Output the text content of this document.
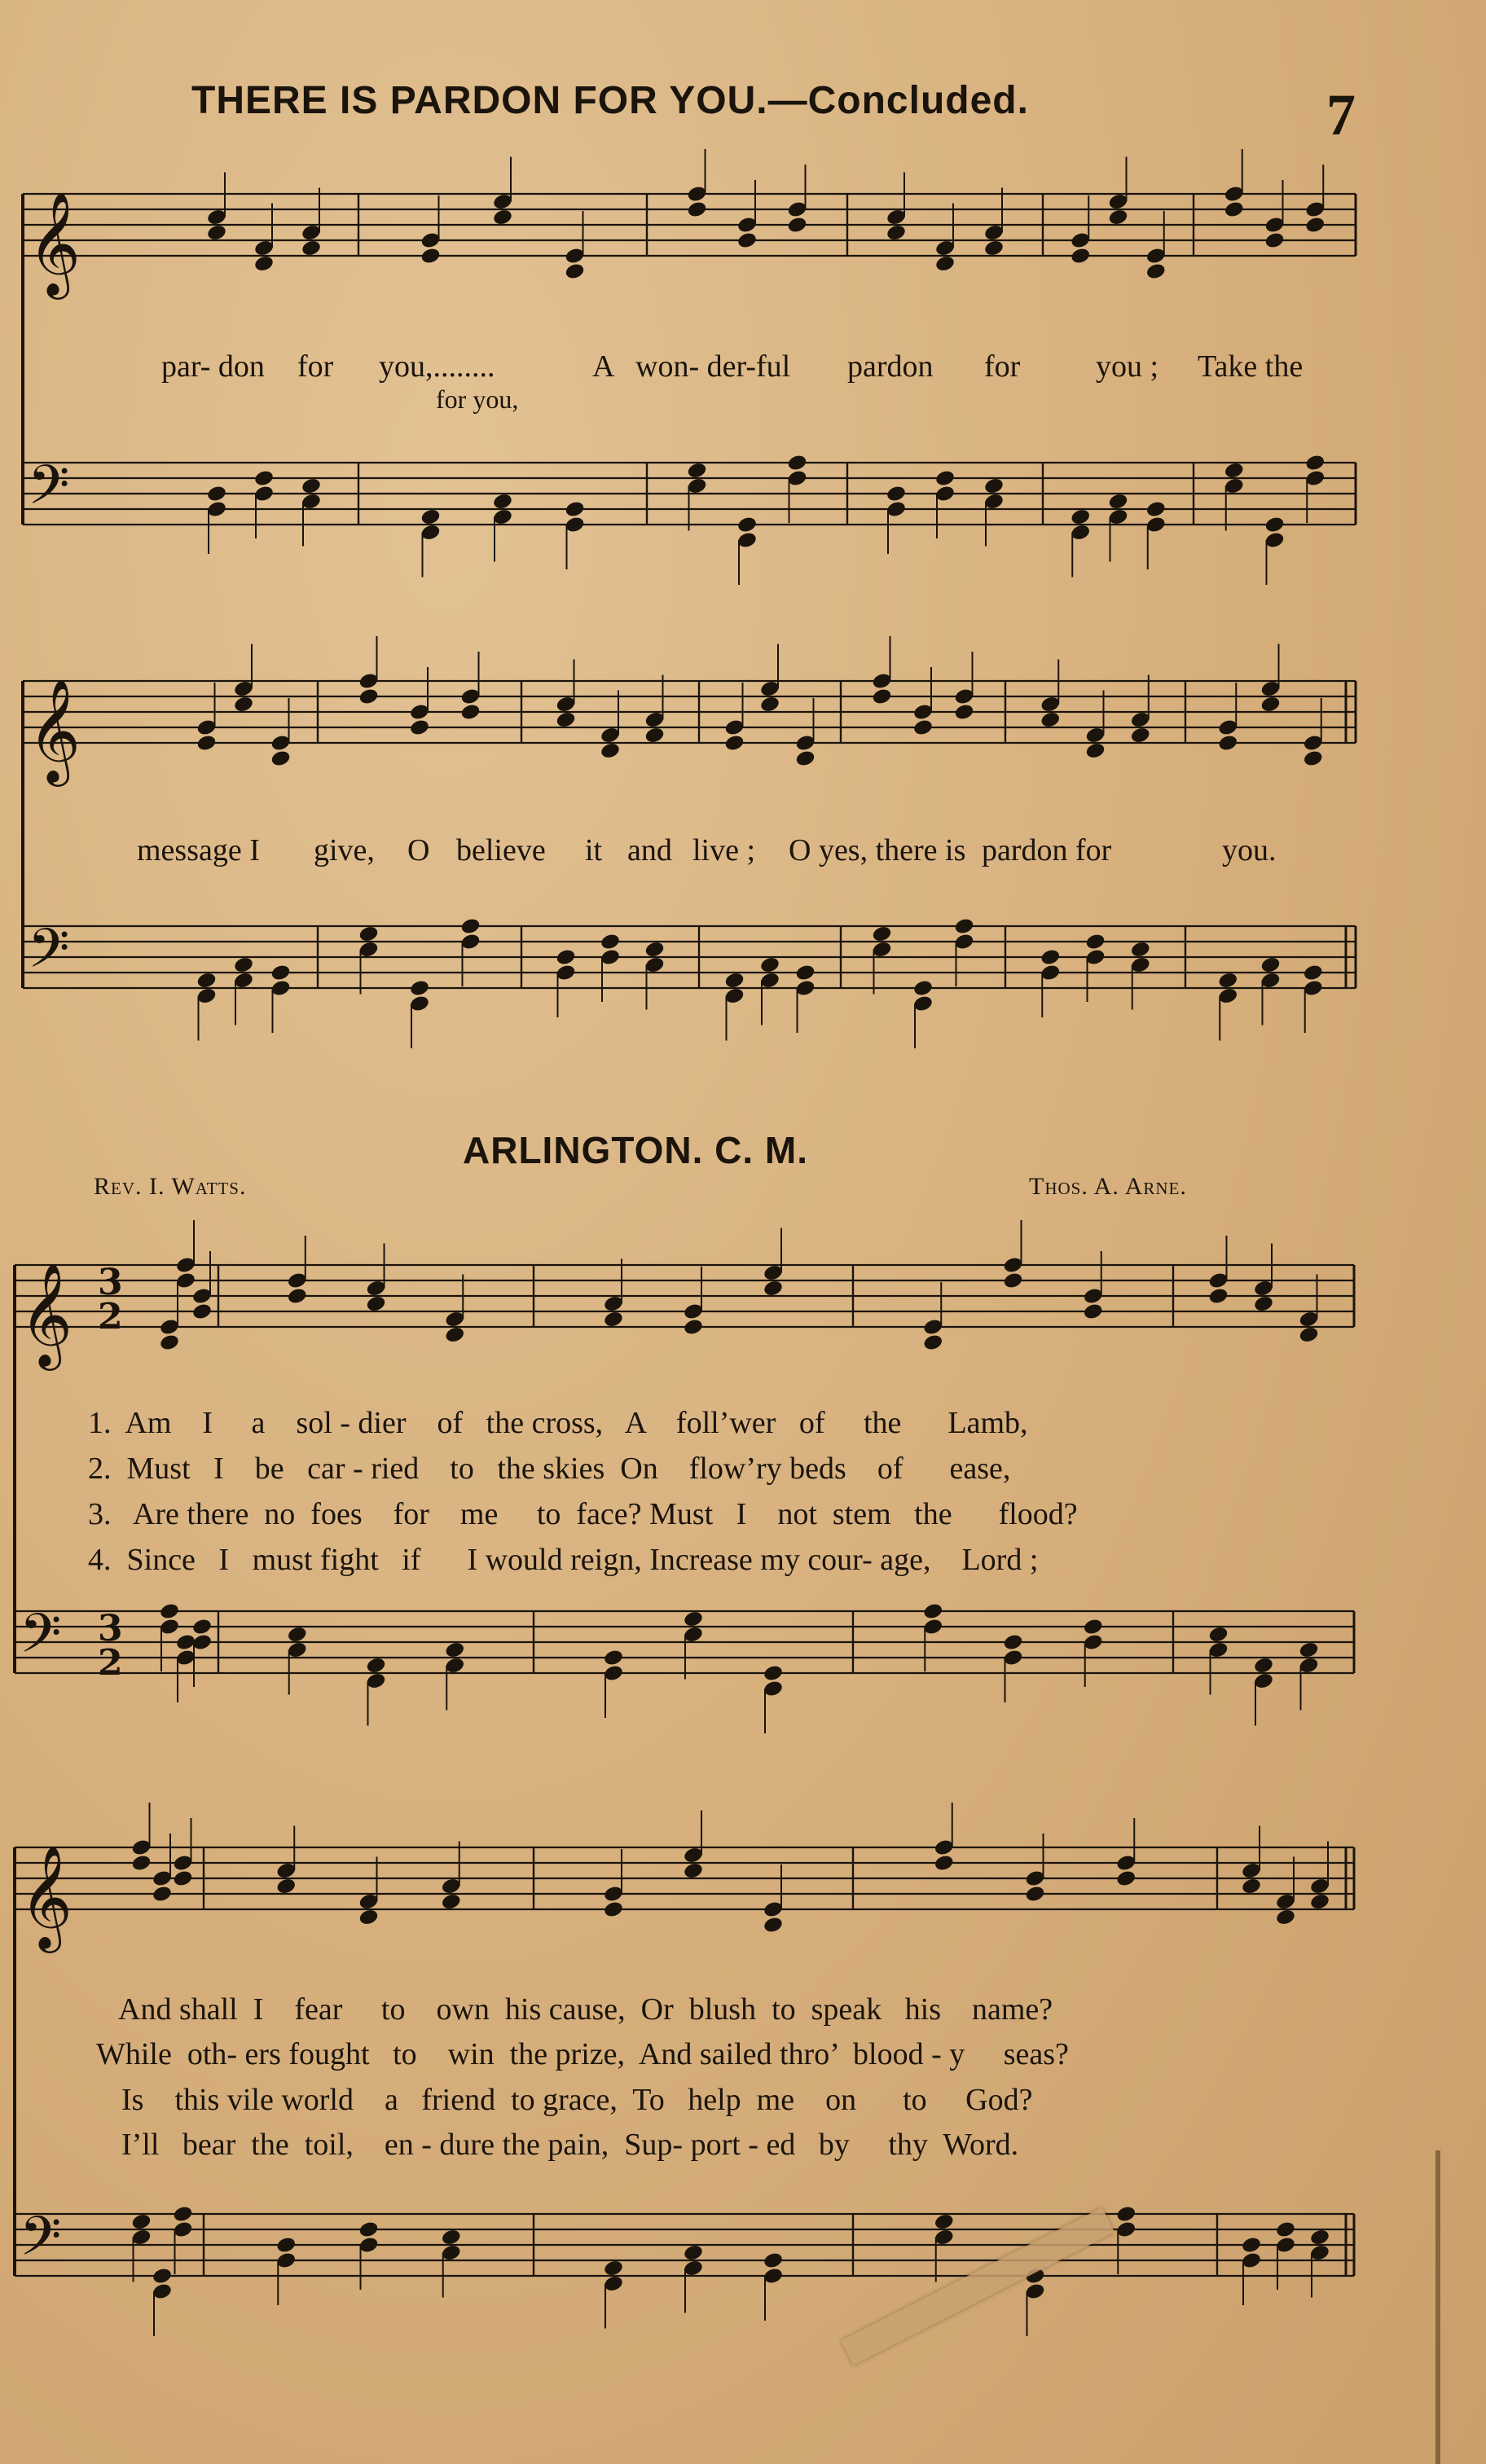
THERE IS PARDON FOR YOU.—Concluded.	7
𝄞
𝄢
𝄞
𝄢
𝄞
𝄢
𝄞
𝄢
3
2
3
2
par- don for you,........	A won- der-ful pardon for you ; Take the
for you,
message I give, O believe it and live ; O yes, there is pardon for	you.
ARLINGTON. C. M.
Rev. I. Watts.	Thos. A. Arne.
1.  Am    I     a    sol - dier    of   the cross,   A    foll’wer   of     the      Lamb,
2.  Must   I    be   car - ried    to   the skies  On    flow’ry beds    of      ease,
3.   Are there  no  foes    for    me     to  face? Must   I    not  stem   the      flood?
4.  Since   I   must fight   if      I would reign, Increase my cour- age,    Lord ;
And shall  I    fear     to    own  his cause,  Or  blush  to  speak   his    name?
While  oth- ers fought   to    win  the prize,  And sailed thro’  blood - y     seas?
Is    this vile world    a   friend  to grace,  To   help  me    on      to     God?
I’ll   bear  the  toil,    en - dure the pain,  Sup- port - ed   by     thy  Word.
